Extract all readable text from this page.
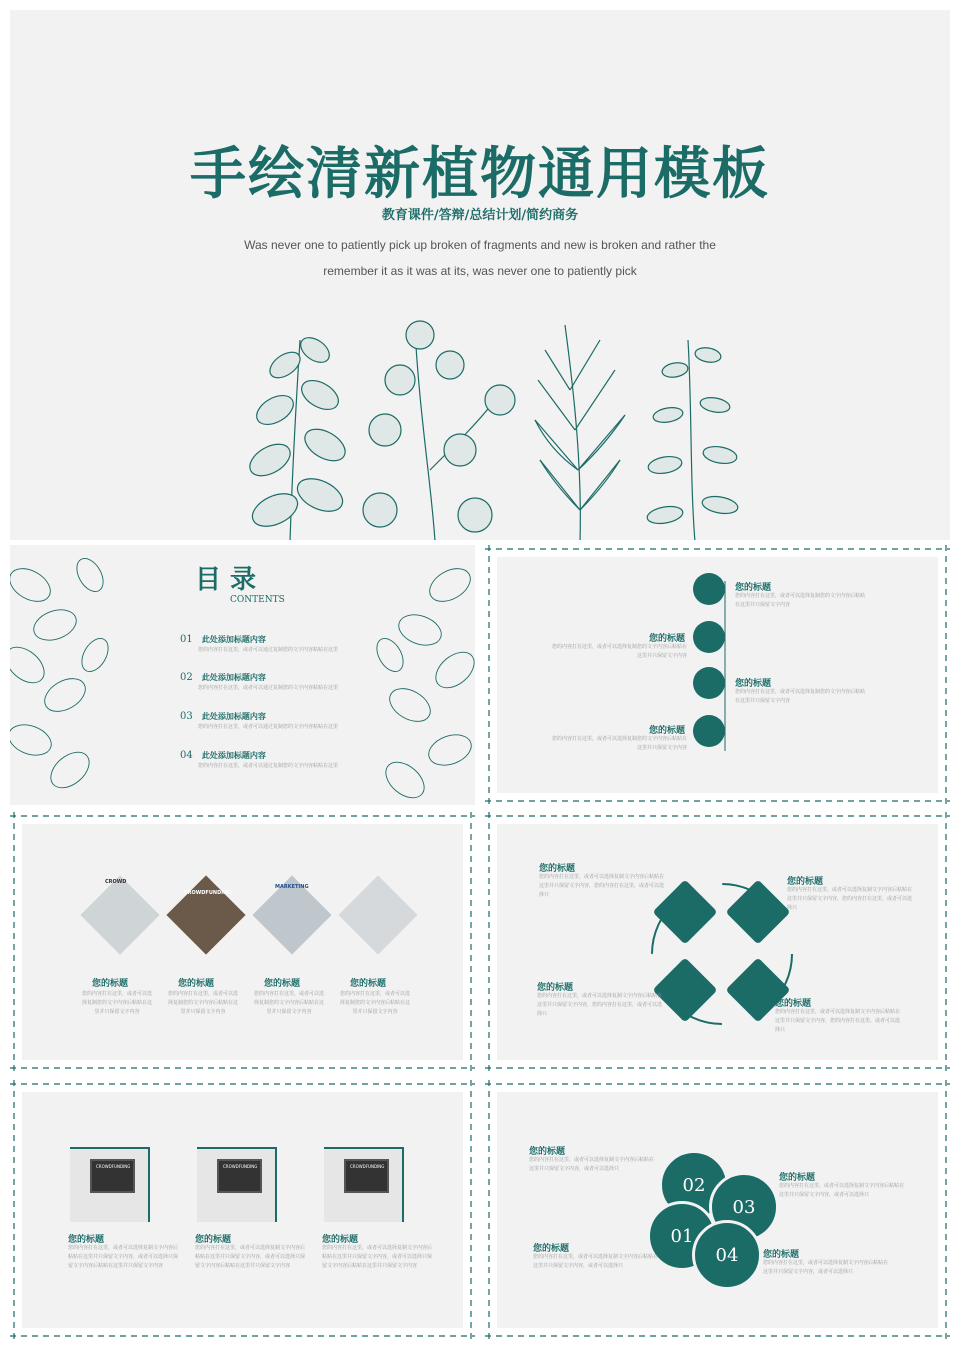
手绘清新植物通用模板
教育课件/答辩/总结计划/简约商务
Was never one to patiently pick up broken of fragments and new is broken and rather the
remember it as it was at its, was never one to patiently pick
目 录
CONTENTS
01 此处添加标题内容
您的内容打在这里，或者可以通过复制您的文字内容粘贴在这里
02 此处添加标题内容
您的内容打在这里，或者可以通过复制您的文字内容粘贴在这里
03 此处添加标题内容
您的内容打在这里，或者可以通过复制您的文字内容粘贴在这里
04 此处添加标题内容
您的内容打在这里，或者可以通过复制您的文字内容粘贴在这里
您的标题
您的内容打在这里，或者可以选择复制您的文字内容后粘贴在这里并只保留文字内容
您的标题
您的内容打在这里，或者可以选择复制您的文字内容后粘贴在这里并只保留文字内容
您的标题
您的内容打在这里，或者可以选择复制您的文字内容后粘贴在这里并只保留文字内容
您的标题
您的内容打在这里，或者可以选择复制您的文字内容后粘贴在这里并只保留文字内容
CROWD
CROWDFUNDING
MARKETING
您的标题
您的内容打在这里，或者可以选择复制您的文字内容后粘贴在这里并只保留文字内容
您的标题
您的内容打在这里，或者可以选择复制您的文字内容后粘贴在这里并只保留文字内容
您的标题
您的内容打在这里，或者可以选择复制您的文字内容后粘贴在这里并只保留文字内容
您的标题
您的内容打在这里，或者可以选择复制您的文字内容后粘贴在这里并只保留文字内容
您的标题
您的内容打在这里，或者可以选择复制文字内容后粘贴在这里并只保留文字内容，您的内容打在这里，或者可以选择只
您的标题
您的内容打在这里，或者可以选择复制文字内容后粘贴在这里并只保留文字内容，您的内容打在这里，或者可以选择只
您的标题
您的内容打在这里，或者可以选择复制文字内容后粘贴在这里并只保留文字内容，您的内容打在这里，或者可以选择只
您的标题
您的内容打在这里，或者可以选择复制文字内容后粘贴在这里并只保留文字内容，您的内容打在这里，或者可以选择只
CROWDFUNDING	CROWDFUNDING	CROWDFUNDING
您的标题
您的内容打在这里，或者可以选择复制文字内容后粘贴在这里并只保留文字内容，或者可以选择只保留文字内容后粘贴在这里并只保留文字内容
您的标题
您的内容打在这里，或者可以选择复制文字内容后粘贴在这里并只保留文字内容，或者可以选择只保留文字内容后粘贴在这里并只保留文字内容
您的标题
您的内容打在这里，或者可以选择复制文字内容后粘贴在这里并只保留文字内容，或者可以选择只保留文字内容后粘贴在这里并只保留文字内容
02
03
01
04
您的标题
您的内容打在这里，或者可以选择复制文字内容后粘贴在这里并只保留文字内容，或者可以选择只
您的标题
您的内容打在这里，或者可以选择复制文字内容后粘贴在这里并只保留文字内容，或者可以选择只
您的标题
您的内容打在这里，或者可以选择复制文字内容后粘贴在这里并只保留文字内容，或者可以选择只
您的标题
您的内容打在这里，或者可以选择复制文字内容后粘贴在这里并只保留文字内容，或者可以选择只
